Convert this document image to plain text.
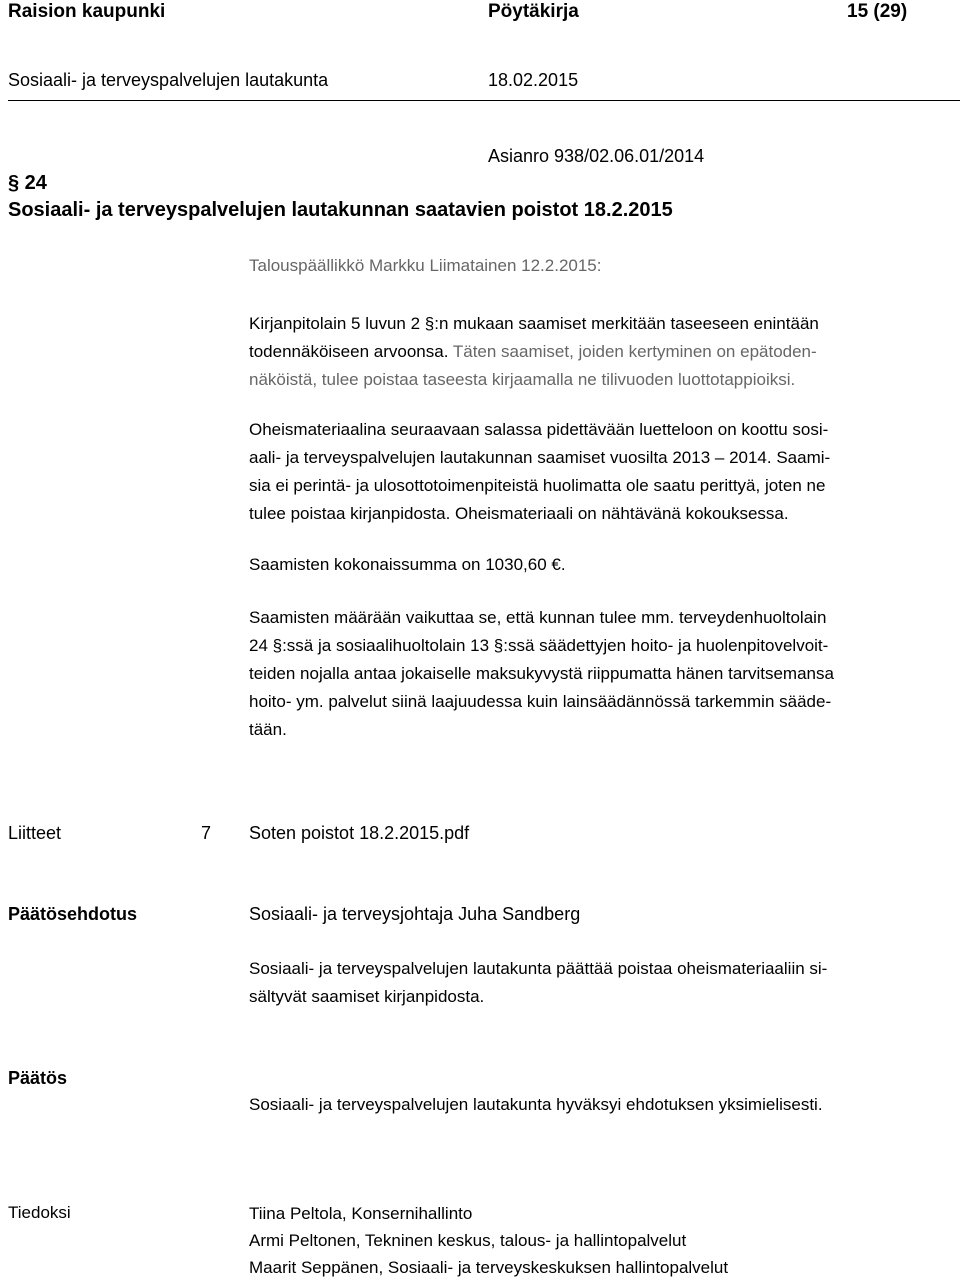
Raision kaupunki	Pöytäkirja	15 (29)
Sosiaali- ja terveyspalvelujen lautakunta	18.02.2015
Asianro 938/02.06.01/2014
§ 24
Sosiaali- ja terveyspalvelujen lautakunnan saatavien poistot 18.2.2015
Talouspäällikkö Markku Liimatainen 12.2.2015:
Kirjanpitolain 5 luvun 2 §:n mukaan saamiset merkitään taseeseen enintään
todennäköiseen arvoonsa. Täten saamiset, joiden kertyminen on epätoden-
näköistä, tulee poistaa taseesta kirjaamalla ne tilivuoden luottotappioiksi.
Oheismateriaalina seuraavaan salassa pidettävään luetteloon on koottu sosi-
aali- ja terveyspalvelujen lautakunnan saamiset vuosilta 2013 – 2014. Saami-
sia ei perintä- ja ulosottotoimenpiteistä huolimatta ole saatu perittyä, joten ne
tulee poistaa kirjanpidosta. Oheismateriaali on nähtävänä kokouksessa.
Saamisten kokonaissumma on 1030,60 €.
Saamisten määrään vaikuttaa se, että kunnan tulee mm. terveydenhuoltolain
24 §:ssä ja sosiaalihuoltolain 13 §:ssä säädettyjen hoito- ja huolenpitovelvoit-
teiden nojalla antaa jokaiselle maksukyvystä riippumatta hänen tarvitsemansa
hoito- ym. palvelut siinä laajuudessa kuin lainsäädännössä tarkemmin sääde-
tään.
Liitteet	7 Soten poistot 18.2.2015.pdf
Päätösehdotus	Sosiaali- ja terveysjohtaja Juha Sandberg
Sosiaali- ja terveyspalvelujen lautakunta päättää poistaa oheismateriaaliin si-
sältyvät saamiset kirjanpidosta.
Päätös
Sosiaali- ja terveyspalvelujen lautakunta hyväksyi ehdotuksen yksimielisesti.
Tiedoksi	Tiina Peltola, Konsernihallinto
Armi Peltonen, Tekninen keskus, talous- ja hallintopalvelut
Maarit Seppänen, Sosiaali- ja terveyskeskuksen hallintopalvelut
